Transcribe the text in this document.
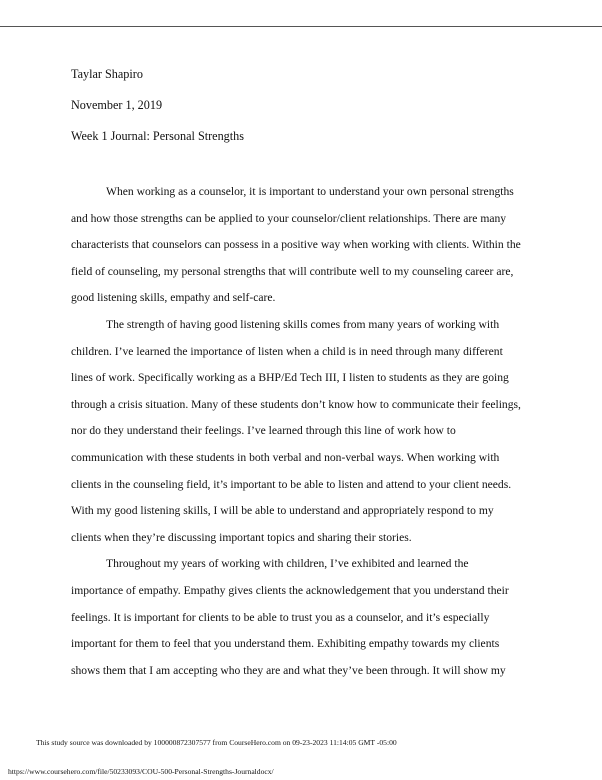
Taylar Shapiro
November 1, 2019
Week 1 Journal: Personal Strengths

When working as a counselor, it is important to understand your own personal strengths
and how those strengths can be applied to your counselor/client relationships. There are many
characterists that counselors can possess in a positive way when working with clients. Within the
field of counseling, my personal strengths that will contribute well to my counseling career are,
good listening skills, empathy and self-care.

The strength of having good listening skills comes from many years of working with
children. I’ve learned the importance of listen when a child is in need through many different
lines of work. Specifically working as a BHP/Ed Tech III, I listen to students as they are going
through a crisis situation. Many of these students don’t know how to communicate their feelings,
nor do they understand their feelings. I’ve learned through this line of work how to
communication with these students in both verbal and non-verbal ways. When working with
clients in the counseling field, it’s important to be able to listen and attend to your client needs.
With my good listening skills, I will be able to understand and appropriately respond to my
clients when they’re discussing important topics and sharing their stories.

Throughout my years of working with children, I’ve exhibited and learned the
importance of empathy. Empathy gives clients the acknowledgement that you understand their
feelings. It is important for clients to be able to trust you as a counselor, and it’s especially
important for them to feel that you understand them. Exhibiting empathy towards my clients
shows them that I am accepting who they are and what they’ve been through. It will show my

This study source was downloaded by 100000872307577 from CourseHero.com on 09-23-2023 11:14:05 GMT -05:00
https://www.coursehero.com/file/50233093/COU-500-Personal-Strengths-Journaldocx/
